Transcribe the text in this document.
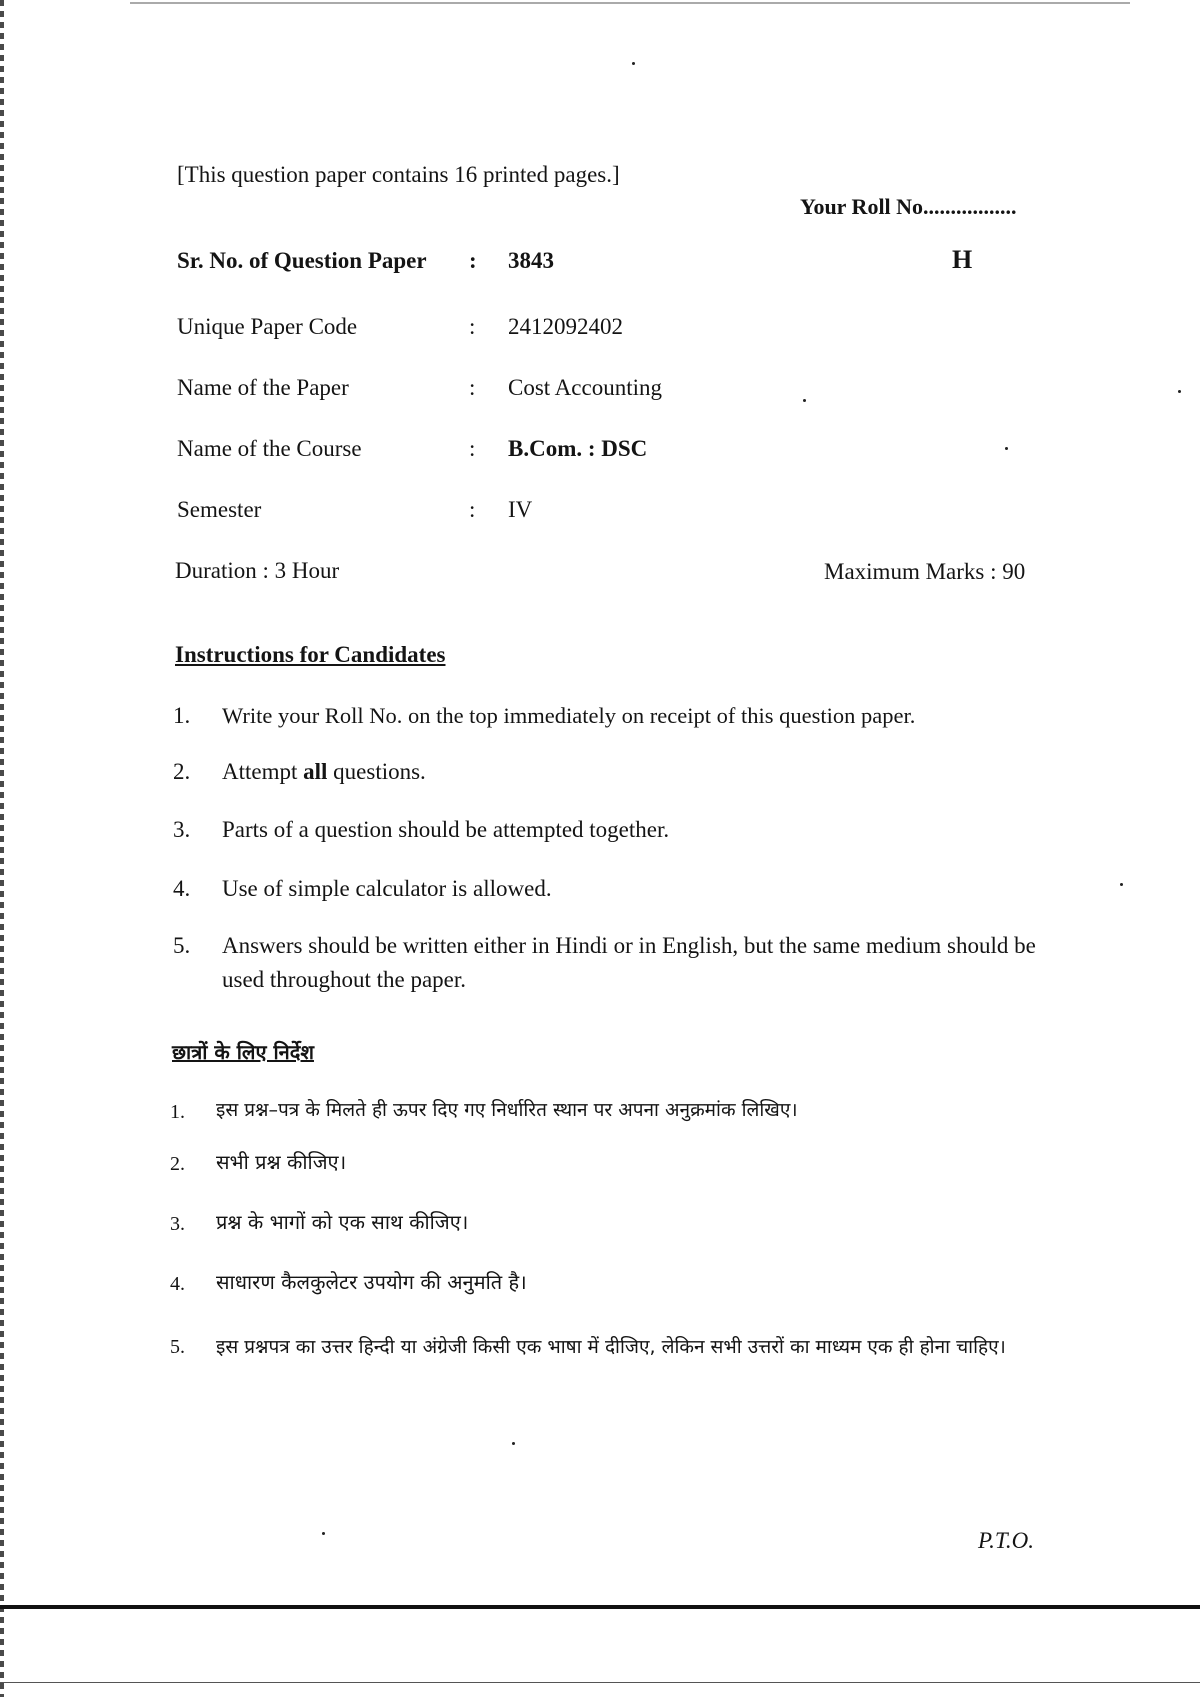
[This question paper contains 16 printed pages.]
Your Roll No.................
H
Sr. No. of Question Paper : 3843
Unique Paper Code	: 2412092402
Name of the Paper	: Cost Accounting
Name of the Course	: B.Com. : DSC
Semester	: IV
Duration : 3 Hour	Maximum Marks : 90
Instructions for Candidates
1. Write your Roll No. on the top immediately on receipt of this question paper.
2. Attempt all questions.
3. Parts of a question should be attempted together.
4. Use of simple calculator is allowed.
5. Answers should be written either in Hindi or in English, but the same medium should be used throughout the paper.
छात्रों के लिए निर्देश
1. इस प्रश्न–पत्र के मिलते ही ऊपर दिए गए निर्धारित स्थान पर अपना अनुक्रमांक लिखिए।
2. सभी प्रश्न कीजिए।
3. प्रश्न के भागों को एक साथ कीजिए।
4. साधारण कैलकुलेटर उपयोग की अनुमति है।
5. इस प्रश्नपत्र का उत्तर हिन्दी या अंग्रेजी किसी एक भाषा में दीजिए, लेकिन सभी उत्तरों का माध्यम एक ही होना चाहिए।
P.T.O.
